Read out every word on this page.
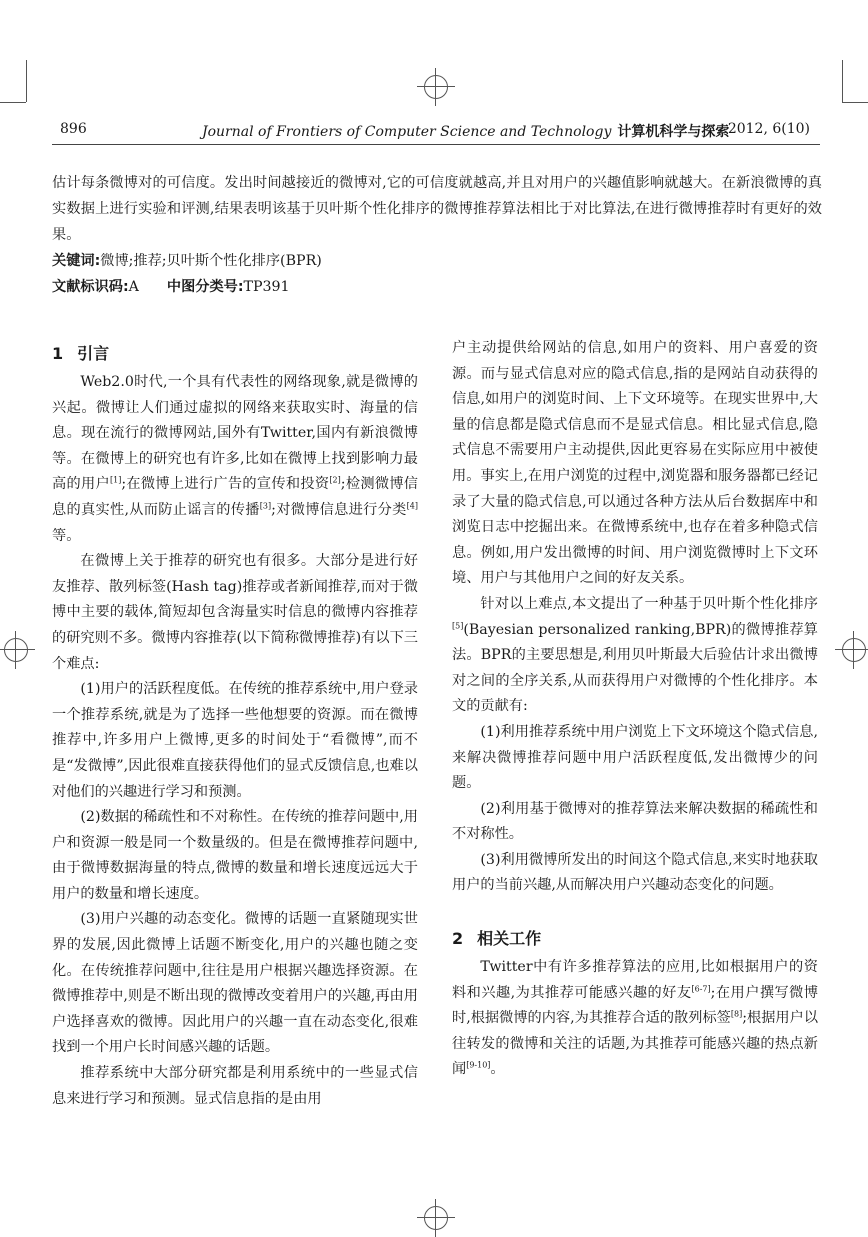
896	Journal of Frontiers of Computer Science and Technology 计算机科学与探索
2012, 6(10)

估计每条微博对的可信度。发出时间越接近的微博对,它的可信度就越高,并且对用户的兴趣值影响就越大。在新浪微博的真实数据上进行实验和评测,结果表明该基于贝叶斯个性化排序的微博推荐算法相比于对比算法,在进行微博推荐时有更好的效果。

关键词:微博;推荐;贝叶斯个性化排序(BPR)

文献标识码:A 中图分类号:TP391

1 引言

Web2.0时代,一个具有代表性的网络现象,就是微博的兴起。微博让人们通过虚拟的网络来获取实时、海量的信息。现在流行的微博网站,国外有Twitter,国内有新浪微博等。在微博上的研究也有许多,比如在微博上找到影响力最高的用户[1];在微博上进行广告的宣传和投资[2];检测微博信息的真实性,从而防止谣言的传播[3];对微博信息进行分类[4]等。

在微博上关于推荐的研究也有很多。大部分是进行好友推荐、散列标签(Hash tag)推荐或者新闻推荐,而对于微博中主要的载体,简短却包含海量实时信息的微博内容推荐的研究则不多。微博内容推荐(以下简称微博推荐)有以下三个难点:

(1)用户的活跃程度低。在传统的推荐系统中,用户登录一个推荐系统,就是为了选择一些他想要的资源。而在微博推荐中,许多用户上微博,更多的时间处于“看微博”,而不是“发微博”,因此很难直接获得他们的显式反馈信息,也难以对他们的兴趣进行学习和预测。

(2)数据的稀疏性和不对称性。在传统的推荐问题中,用户和资源一般是同一个数量级的。但是在微博推荐问题中,由于微博数据海量的特点,微博的数量和增长速度远远大于用户的数量和增长速度。

(3)用户兴趣的动态变化。微博的话题一直紧随现实世界的发展,因此微博上话题不断变化,用户的兴趣也随之变化。在传统推荐问题中,往往是用户根据兴趣选择资源。在微博推荐中,则是不断出现的微博改变着用户的兴趣,再由用户选择喜欢的微博。因此用户的兴趣一直在动态变化,很难找到一个用户长时间感兴趣的话题。

推荐系统中大部分研究都是利用系统中的一些显式信息来进行学习和预测。显式信息指的是由用

户主动提供给网站的信息,如用户的资料、用户喜爱的资源。而与显式信息对应的隐式信息,指的是网站自动获得的信息,如用户的浏览时间、上下文环境等。在现实世界中,大量的信息都是隐式信息而不是显式信息。相比显式信息,隐式信息不需要用户主动提供,因此更容易在实际应用中被使用。事实上,在用户浏览的过程中,浏览器和服务器都已经记录了大量的隐式信息,可以通过各种方法从后台数据库中和浏览日志中挖掘出来。在微博系统中,也存在着多种隐式信息。例如,用户发出微博的时间、用户浏览微博时上下文环境、用户与其他用户之间的好友关系。

针对以上难点,本文提出了一种基于贝叶斯个性化排序[5](Bayesian personalized ranking,BPR)的微博推荐算法。BPR的主要思想是,利用贝叶斯最大后验估计求出微博对之间的全序关系,从而获得用户对微博的个性化排序。本文的贡献有:

(1)利用推荐系统中用户浏览上下文环境这个隐式信息,来解决微博推荐问题中用户活跃程度低,发出微博少的问题。

(2)利用基于微博对的推荐算法来解决数据的稀疏性和不对称性。

(3)利用微博所发出的时间这个隐式信息,来实时地获取用户的当前兴趣,从而解决用户兴趣动态变化的问题。

2 相关工作

Twitter中有许多推荐算法的应用,比如根据用户的资料和兴趣,为其推荐可能感兴趣的好友[6-7];在用户撰写微博时,根据微博的内容,为其推荐合适的散列标签[8];根据用户以往转发的微博和关注的话题,为其推荐可能感兴趣的热点新闻[9-10]。
